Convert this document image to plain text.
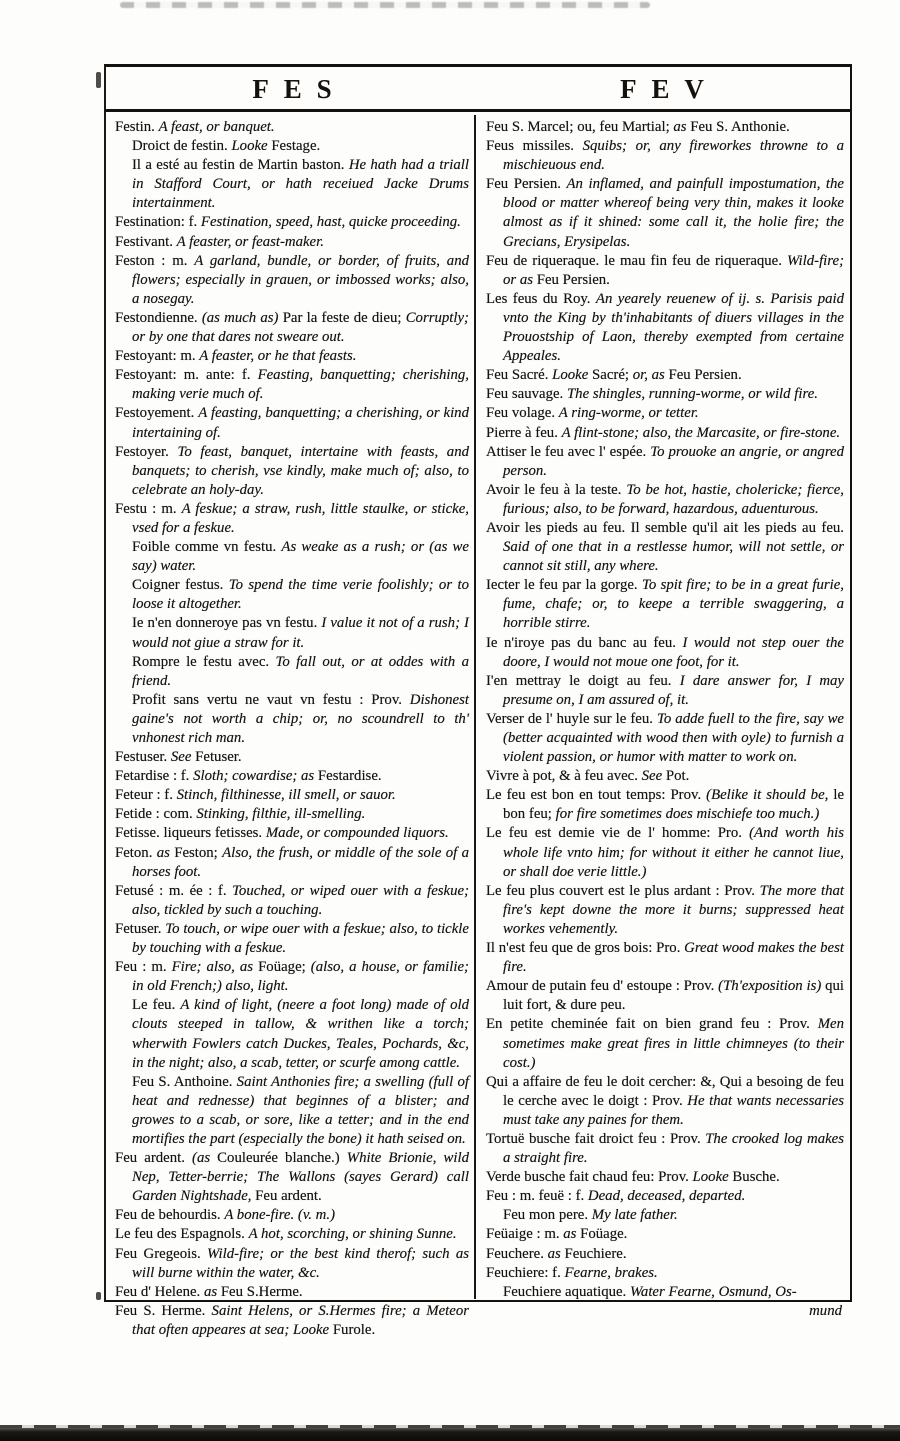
FES	FEV

Festin. A feast, or banquet.

Droict de festin. Looke Festage.

Il a esté au festin de Martin baston. He hath had a triall in Stafford Court, or hath receiued Jacke Drums intertainment.

Festination: f. Festination, speed, hast, quicke proceeding.

Festivant. A feaster, or feast-maker.

Feston : m. A garland, bundle, or border, of fruits, and flowers; especially in grauen, or imbossed works; also, a nosegay.

Festondienne. (as much as) Par la feste de dieu; Corruptly; or by one that dares not sweare out.

Festoyant: m. A feaster, or he that feasts.

Festoyant: m. ante: f. Feasting, banquetting; cherishing, making verie much of.

Festoyement. A feasting, banquetting; a cherishing, or kind intertaining of.

Festoyer. To feast, banquet, intertaine with feasts, and banquets; to cherish, vse kindly, make much of; also, to celebrate an holy-day.

Festu : m. A feskue; a straw, rush, little staulke, or sticke, vsed for a feskue.

Foible comme vn festu. As weake as a rush; or (as we say) water.

Coigner festus. To spend the time verie foolishly; or to loose it altogether.

Ie n'en donneroye pas vn festu. I value it not of a rush; I would not giue a straw for it.

Rompre le festu avec. To fall out, or at oddes with a friend.

Profit sans vertu ne vaut vn festu : Prov. Dishonest gaine's not worth a chip; or, no scoundrell to th' vnhonest rich man.

Festuser. See Fetuser.

Fetardise : f. Sloth; cowardise; as Festardise.

Feteur : f. Stinch, filthinesse, ill smell, or sauor.

Fetide : com. Stinking, filthie, ill-smelling.

Fetisse. liqueurs fetisses. Made, or compounded liquors.

Feton. as Feston; Also, the frush, or middle of the sole of a horses foot.

Fetusé : m. ée : f. Touched, or wiped ouer with a feskue; also, tickled by such a touching.

Fetuser. To touch, or wipe ouer with a feskue; also, to tickle by touching with a feskue.

Feu : m. Fire; also, as Foüage; (also, a house, or familie; in old French;) also, light.

Le feu. A kind of light, (neere a foot long) made of old clouts steeped in tallow, & writhen like a torch; wherwith Fowlers catch Duckes, Teales, Pochards, &c, in the night; also, a scab, tetter, or scurfe among cattle.

Feu S. Anthoine. Saint Anthonies fire; a swelling (full of heat and rednesse) that beginnes of a blister; and growes to a scab, or sore, like a tetter; and in the end mortifies the part (especially the bone) it hath seised on.

Feu ardent. (as Couleurée blanche.) White Brionie, wild Nep, Tetter-berrie; The Wallons (sayes Gerard) call Garden Nightshade, Feu ardent.

Feu de behourdis. A bone-fire. (v. m.)

Le feu des Espagnols. A hot, scorching, or shining Sunne.

Feu Gregeois. Wild-fire; or the best kind therof; such as will burne within the water, &c.

Feu d' Helene. as Feu S.Herme.

Feu S. Herme. Saint Helens, or S.Hermes fire; a Meteor that often appeares at sea; Looke Furole.

Feu S. Marcel; ou, feu Martial; as Feu S. Anthonie.

Feus missiles. Squibs; or, any fireworkes throwne to a mischieuous end.

Feu Persien. An inflamed, and painfull impostumation, the blood or matter whereof being very thin, makes it looke almost as if it shined: some call it, the holie fire; the Grecians, Erysipelas.

Feu de riqueraque. le mau fin feu de riqueraque. Wild-fire; or as Feu Persien.

Les feus du Roy. An yearely reuenew of ij. s. Parisis paid vnto the King by th'inhabitants of diuers villages in the Prouostship of Laon, thereby exempted from certaine Appeales.

Feu Sacré. Looke Sacré; or, as Feu Persien.

Feu sauvage. The shingles, running-worme, or wild fire.

Feu volage. A ring-worme, or tetter.

Pierre à feu. A flint-stone; also, the Marcasite, or fire-stone.

Attiser le feu avec l' espée. To prouoke an angrie, or angred person.

Avoir le feu à la teste. To be hot, hastie, cholericke; fierce, furious; also, to be forward, hazardous, aduenturous.

Avoir les pieds au feu. Il semble qu'il ait les pieds au feu. Said of one that in a restlesse humor, will not settle, or cannot sit still, any where.

Iecter le feu par la gorge. To spit fire; to be in a great furie, fume, chafe; or, to keepe a terrible swaggering, a horrible stirre.

Ie n'iroye pas du banc au feu. I would not step ouer the doore, I would not moue one foot, for it.

I'en mettray le doigt au feu. I dare answer for, I may presume on, I am assured of, it.

Verser de l' huyle sur le feu. To adde fuell to the fire, say we (better acquainted with wood then with oyle) to furnish a violent passion, or humor with matter to work on.

Vivre à pot, & à feu avec. See Pot.

Le feu est bon en tout temps: Prov. (Belike it should be, le bon feu; for fire sometimes does mischiefe too much.)

Le feu est demie vie de l' homme: Pro. (And worth his whole life vnto him; for without it either he cannot liue, or shall doe verie little.)

Le feu plus couvert est le plus ardant : Prov. The more that fire's kept downe the more it burns; suppressed heat workes vehemently.

Il n'est feu que de gros bois: Pro. Great wood makes the best fire.

Amour de putain feu d' estoupe : Prov. (Th'exposition is) qui luit fort, & dure peu.

En petite cheminée fait on bien grand feu : Prov. Men sometimes make great fires in little chimneyes (to their cost.)

Qui a affaire de feu le doit cercher: &, Qui a besoing de feu le cerche avec le doigt : Prov. He that wants necessaries must take any paines for them.

Tortuë busche fait droict feu : Prov. The crooked log makes a straight fire.

Verde busche fait chaud feu: Prov. Looke Busche.

Feu : m. feuë : f. Dead, deceased, departed.

Feu mon pere. My late father.

Feüaige : m. as Foüage.

Feuchere. as Feuchiere.

Feuchiere: f. Fearne, brakes.

Feuchiere aquatique. Water Fearne, Osmund, Os-

mund
